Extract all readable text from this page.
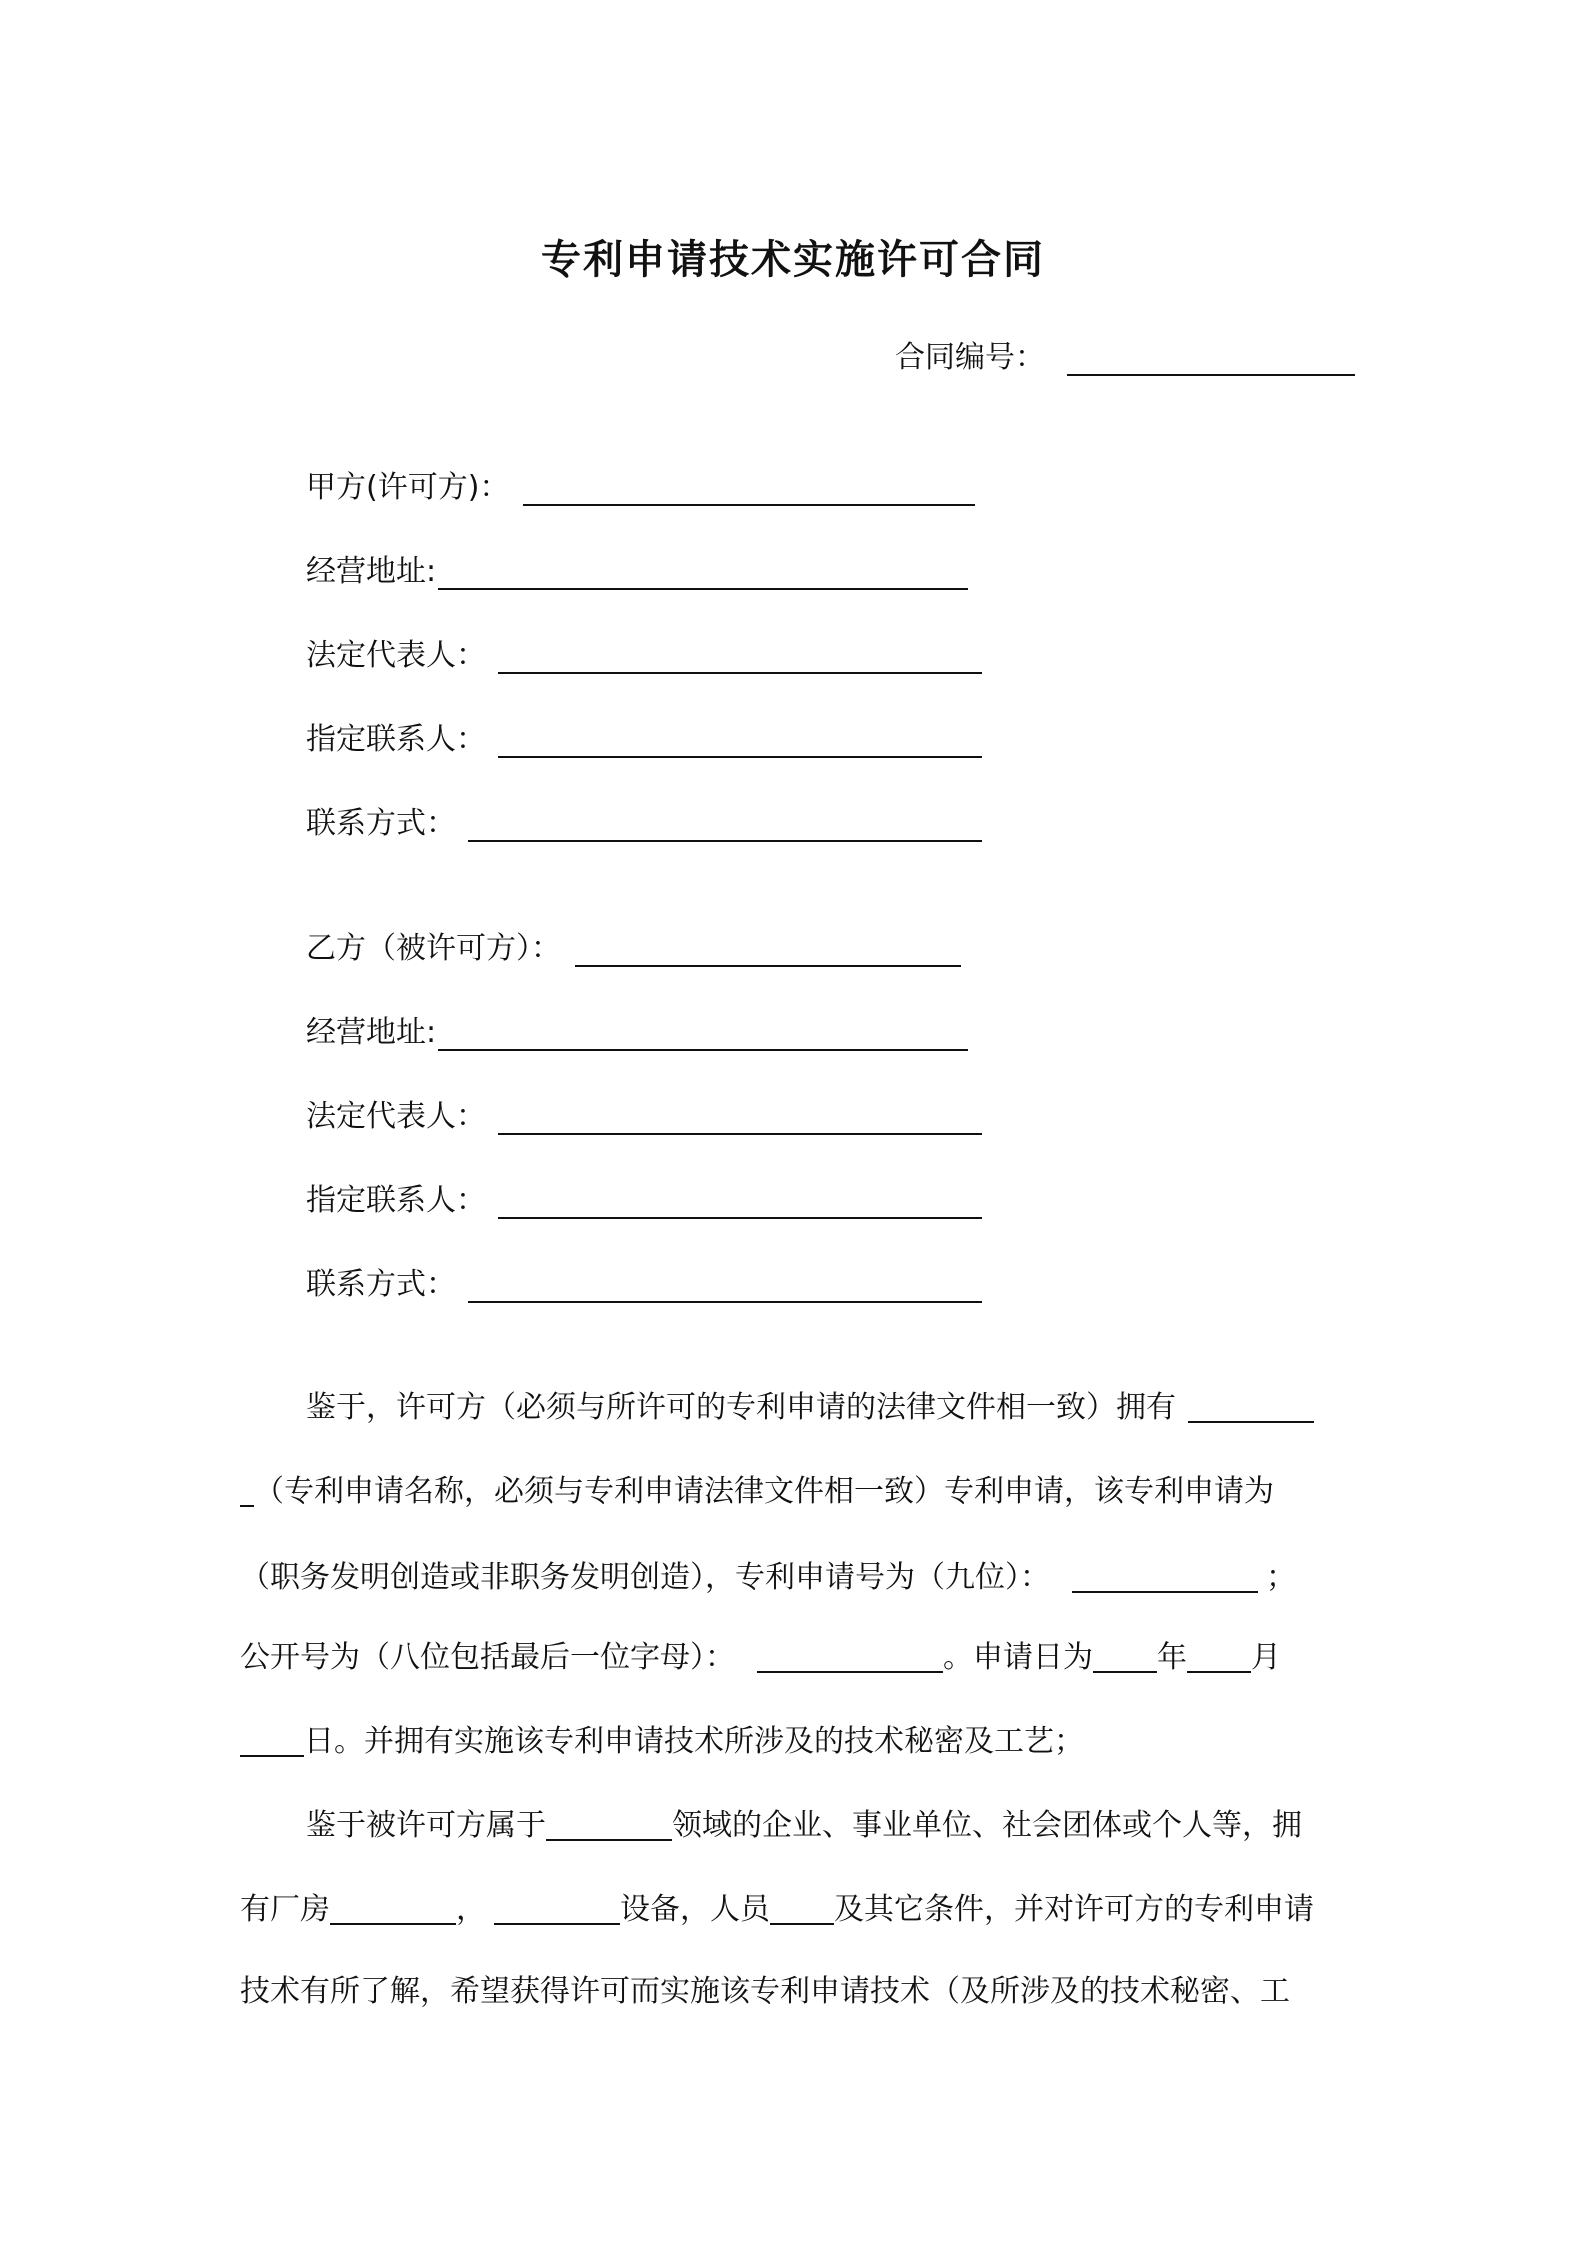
专利申请技术实施许可合同
合同编号：
甲方(许可方)：
经营地址:
法定代表人：
指定联系人：
联系方式：
乙方（被许可方）：
经营地址:
法定代表人：
指定联系人：
联系方式：
鉴于，许可方（必须与所许可的专利申请的法律文件相一致）拥有
（专利申请名称，必须与专利申请法律文件相一致）专利申请，该专利申请为
（职务发明创造或非职务发明创造），专利申请号为（九位）：	；
公开号为（八位包括最后一位字母）：	。申请日为 年 月
日。并拥有实施该专利申请技术所涉及的技术秘密及工艺；
鉴于被许可方属于	领域的企业、事业单位、社会团体或个人等，拥
有厂房	，	设备，人员 及其它条件，并对许可方的专利申请
技术有所了解，希望获得许可而实施该专利申请技术（及所涉及的技术秘密、工
